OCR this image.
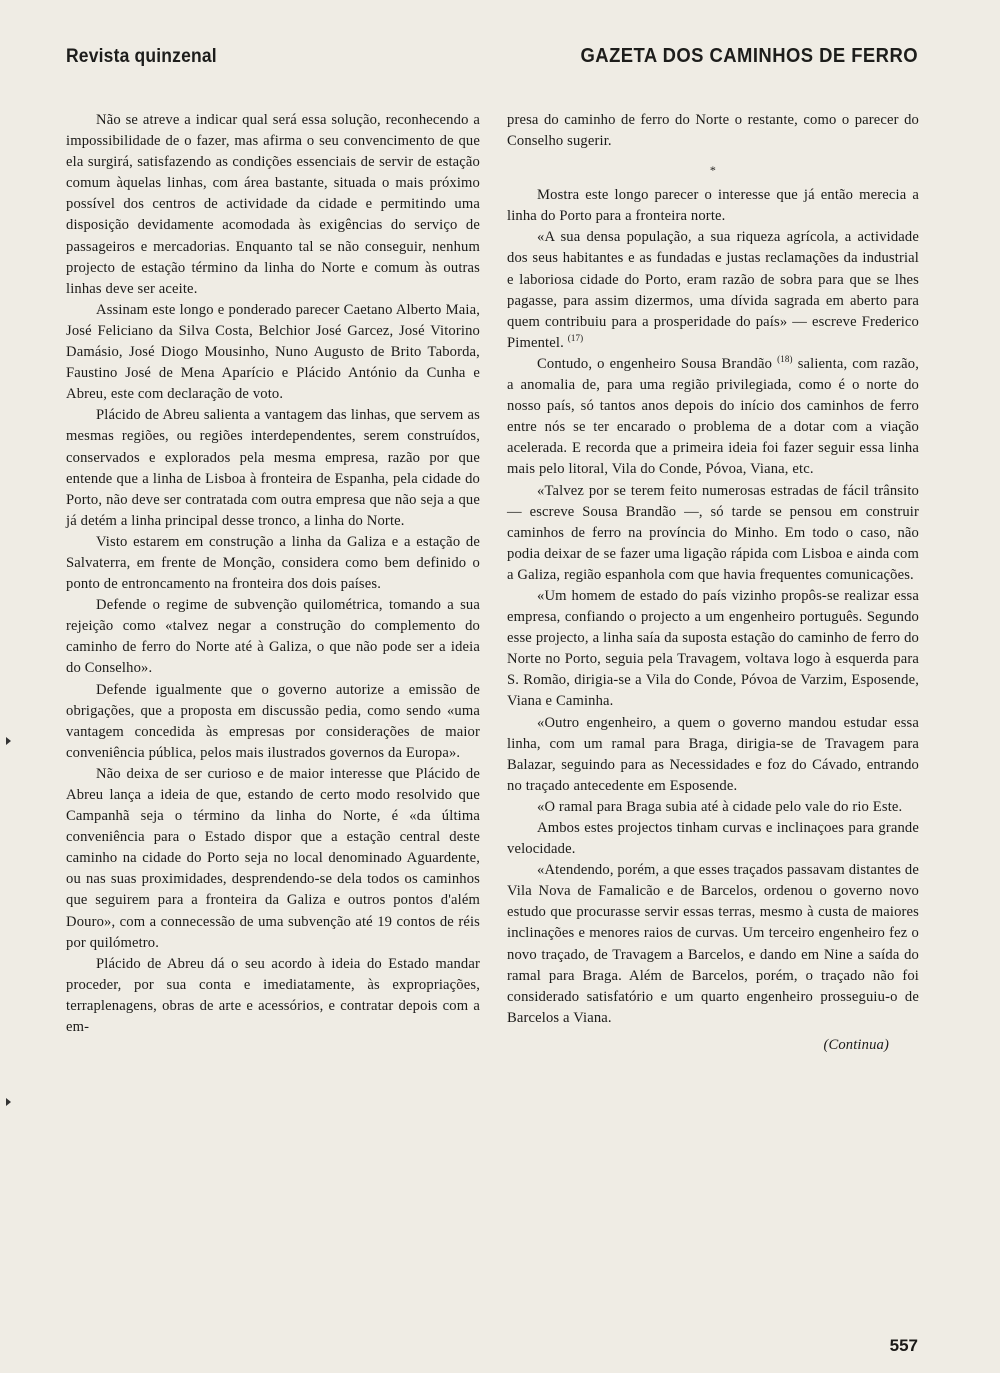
Revista quinzenal	GAZETA DOS CAMINHOS DE FERRO

Não se atreve a indicar qual será essa solução, reconhecendo a impossibilidade de o fazer, mas afirma o seu convencimento de que ela surgirá, satisfazendo as condições essenciais de servir de estação comum àquelas linhas, com área bastante, situada o mais próximo possível dos centros de actividade da cidade e permitindo uma disposição devidamente acomodada às exigências do serviço de passageiros e mercadorias. Enquanto tal se não conseguir, nenhum projecto de estação término da linha do Norte e comum às outras linhas deve ser aceite.

Assinam este longo e ponderado parecer Caetano Alberto Maia, José Feliciano da Silva Costa, Belchior José Garcez, José Vitorino Damásio, José Diogo Mousinho, Nuno Augusto de Brito Taborda, Faustino José de Mena Aparício e Plácido António da Cunha e Abreu, este com declaração de voto.

Plácido de Abreu salienta a vantagem das linhas, que servem as mesmas regiões, ou regiões interdependentes, serem construídos, conservados e explorados pela mesma empresa, razão por que entende que a linha de Lisboa à fronteira de Espanha, pela cidade do Porto, não deve ser contratada com outra empresa que não seja a que já detém a linha principal desse tronco, a linha do Norte.

Visto estarem em construção a linha da Galiza e a estação de Salvaterra, em frente de Monção, considera como bem definido o ponto de entroncamento na fronteira dos dois países.

Defende o regime de subvenção quilométrica, tomando a sua rejeição como «talvez negar a construção do complemento do caminho de ferro do Norte até à Galiza, o que não pode ser a ideia do Conselho».

Defende igualmente que o governo autorize a emissão de obrigações, que a proposta em discussão pedia, como sendo «uma vantagem concedida às empresas por considerações de maior conveniência pública, pelos mais ilustrados governos da Europa».

Não deixa de ser curioso e de maior interesse que Plácido de Abreu lança a ideia de que, estando de certo modo resolvido que Campanhã seja o término da linha do Norte, é «da última conveniência para o Estado dispor que a estação central deste caminho na cidade do Porto seja no local denominado Aguardente, ou nas suas proximidades, desprendendo-se dela todos os caminhos que seguirem para a fronteira da Galiza e outros pontos d'além Douro», com a connecessão de uma subvenção até 19 contos de réis por quilómetro.

Plácido de Abreu dá o seu acordo à ideia do Estado mandar proceder, por sua conta e imediatamente, às expropriações, terraplenagens, obras de arte e acessórios, e contratar depois com a em-

presa do caminho de ferro do Norte o restante, como o parecer do Conselho sugerir.

*

Mostra este longo parecer o interesse que já então merecia a linha do Porto para a fronteira norte.

«A sua densa população, a sua riqueza agrícola, a actividade dos seus habitantes e as fundadas e justas reclamações da industrial e laboriosa cidade do Porto, eram razão de sobra para que se lhes pagasse, para assim dizermos, uma dívida sagrada em aberto para quem contribuiu para a prosperidade do país» — escreve Frederico Pimentel. $^{(17)}$

Contudo, o engenheiro Sousa Brandão $^{(18)}$ salienta, com razão, a anomalia de, para uma região privilegiada, como é o norte do nosso país, só tantos anos depois do início dos caminhos de ferro entre nós se ter encarado o problema de a dotar com a viação acelerada. E recorda que a primeira ideia foi fazer seguir essa linha mais pelo litoral, Vila do Conde, Póvoa, Viana, etc.

«Talvez por se terem feito numerosas estradas de fácil trânsito — escreve Sousa Brandão —, só tarde se pensou em construir caminhos de ferro na província do Minho. Em todo o caso, não podia deixar de se fazer uma ligação rápida com Lisboa e ainda com a Galiza, região espanhola com que havia frequentes comunicações.

«Um homem de estado do país vizinho propôs-se realizar essa empresa, confiando o projecto a um engenheiro português. Segundo esse projecto, a linha saía da suposta estação do caminho de ferro do Norte no Porto, seguia pela Travagem, voltava logo à esquerda para S. Romão, dirigia-se a Vila do Conde, Póvoa de Varzim, Esposende, Viana e Caminha.

«Outro engenheiro, a quem o governo mandou estudar essa linha, com um ramal para Braga, dirigia-se de Travagem para Balazar, seguindo para as Necessidades e foz do Cávado, entrando no traçado antecedente em Esposende.

«O ramal para Braga subia até à cidade pelo vale do rio Este.

Ambos estes projectos tinham curvas e inclinaçoes para grande velocidade.

«Atendendo, porém, a que esses traçados passavam distantes de Vila Nova de Famalicão e de Barcelos, ordenou o governo novo estudo que procurasse servir essas terras, mesmo à custa de maiores inclinações e menores raios de curvas. Um terceiro engenheiro fez o novo traçado, de Travagem a Barcelos, e dando em Nine a saída do ramal para Braga. Além de Barcelos, porém, o traçado não foi considerado satisfatório e um quarto engenheiro prosseguiu-o de Barcelos a Viana.

(Continua)
557
